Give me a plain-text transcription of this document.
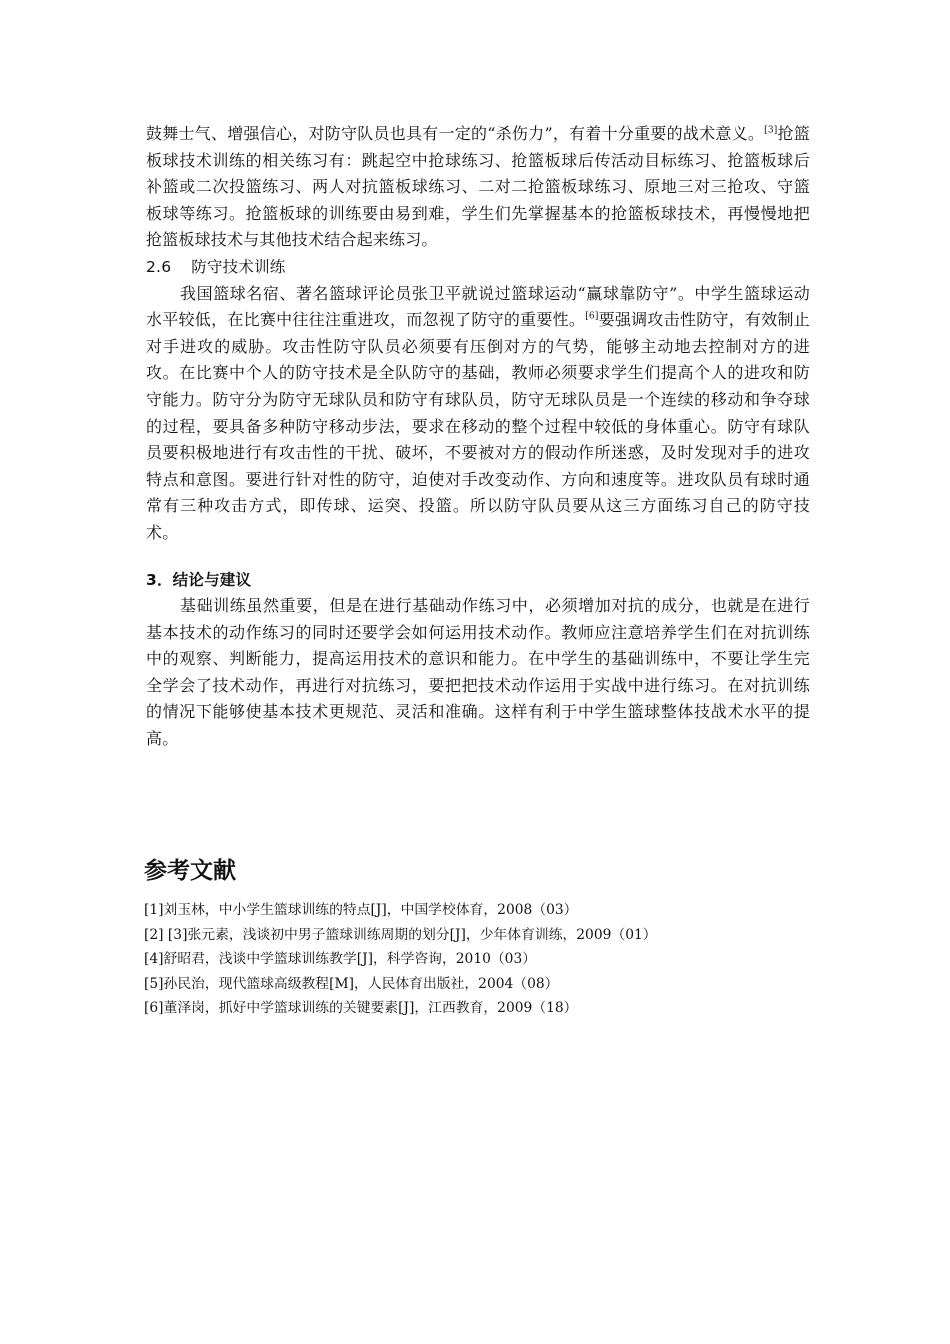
鼓舞士气、增强信心，对防守队员也具有一定的“杀伤力”，有着十分重要的战术意义。[3]抢篮板球技术训练的相关练习有：跳起空中抢球练习、抢篮板球后传活动目标练习、抢篮板球后补篮或二次投篮练习、两人对抗篮板球练习、二对二抢篮板球练习、原地三对三抢攻、守篮板球等练习。抢篮板球的训练要由易到难，学生们先掌握基本的抢篮板球技术，再慢慢地把抢篮板球技术与其他技术结合起来练习。

2.6 防守技术训练

我国篮球名宿、著名篮球评论员张卫平就说过篮球运动“赢球靠防守”。中学生篮球运动水平较低，在比赛中往往注重进攻，而忽视了防守的重要性。[6]要强调攻击性防守，有效制止对手进攻的威胁。攻击性防守队员必须要有压倒对方的气势，能够主动地去控制对方的进攻。在比赛中个人的防守技术是全队防守的基础，教师必须要求学生们提高个人的进攻和防守能力。防守分为防守无球队员和防守有球队员，防守无球队员是一个连续的移动和争夺球的过程，要具备多种防守移动步法，要求在移动的整个过程中较低的身体重心。防守有球队员要积极地进行有攻击性的干扰、破坏，不要被对方的假动作所迷惑，及时发现对手的进攻特点和意图。要进行针对性的防守，迫使对手改变动作、方向和速度等。进攻队员有球时通常有三种攻击方式，即传球、运突、投篮。所以防守队员要从这三方面练习自己的防守技术。

3．结论与建议

基础训练虽然重要，但是在进行基础动作练习中，必须增加对抗的成分，也就是在进行基本技术的动作练习的同时还要学会如何运用技术动作。教师应注意培养学生们在对抗训练中的观察、判断能力，提高运用技术的意识和能力。在中学生的基础训练中，不要让学生完全学会了技术动作，再进行对抗练习，要把把技术动作运用于实战中进行练习。在对抗训练的情况下能够使基本技术更规范、灵活和准确。这样有利于中学生篮球整体技战术水平的提高。

参考文献
[1]刘玉林，中小学生篮球训练的特点[J]，中国学校体育，2008（03）
[2] [3]张元素，浅谈初中男子篮球训练周期的划分[J]，少年体育训练，2009（01）
[4]舒昭君，浅谈中学篮球训练教学[J]，科学咨询，2010（03）
[5]孙民治，现代篮球高级教程[M]，人民体育出版社，2004（08）
[6]董泽岗，抓好中学篮球训练的关键要素[J]，江西教育，2009（18）
